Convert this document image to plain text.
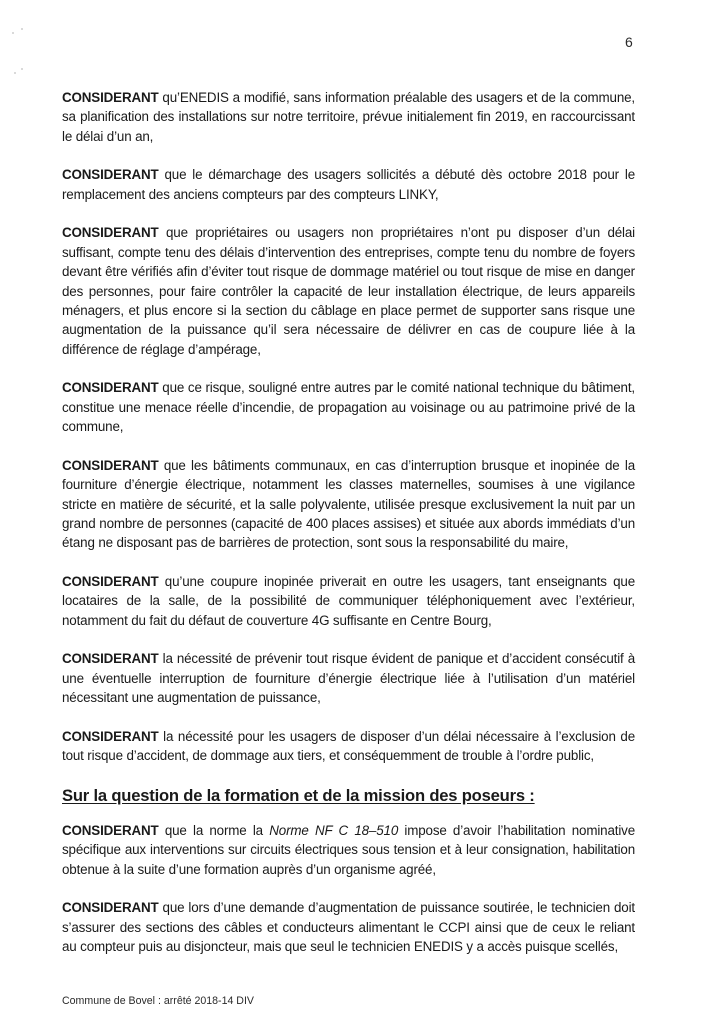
6

CONSIDERANT qu’ENEDIS a modifié, sans information préalable des usagers et de la commune, sa planification des installations sur notre territoire, prévue initialement fin 2019, en raccourcissant le délai d’un an,

CONSIDERANT que le démarchage des usagers sollicités a débuté dès octobre 2018 pour le remplacement des anciens compteurs par des compteurs LINKY,

CONSIDERANT que propriétaires ou usagers non propriétaires n’ont pu disposer d’un délai suffisant, compte tenu des délais d’intervention des entreprises, compte tenu du nombre de foyers devant être vérifiés afin d’éviter tout risque de dommage matériel ou tout risque de mise en danger des personnes, pour faire contrôler la capacité de leur installation électrique, de leurs appareils ménagers, et plus encore si la section du câblage en place permet de supporter sans risque une augmentation de la puissance qu’il sera nécessaire de délivrer en cas de coupure liée à la différence de réglage d’ampérage,

CONSIDERANT que ce risque, souligné entre autres par le comité national technique du bâtiment, constitue une menace réelle d’incendie, de propagation au voisinage ou au patrimoine privé de la commune,

CONSIDERANT que les bâtiments communaux, en cas d’interruption brusque et inopinée de la fourniture d’énergie électrique, notamment les classes maternelles, soumises à une vigilance stricte en matière de sécurité, et la salle polyvalente, utilisée presque exclusivement la nuit par un grand nombre de personnes (capacité de 400 places assises) et située aux abords immédiats d’un étang ne disposant pas de barrières de protection, sont sous la responsabilité du maire,

CONSIDERANT qu’une coupure inopinée priverait en outre les usagers, tant enseignants que locataires de la salle, de la possibilité de communiquer téléphoniquement avec l’extérieur, notamment du fait du défaut de couverture 4G suffisante en Centre Bourg,

CONSIDERANT la nécessité de prévenir tout risque évident de panique et d’accident consécutif à une éventuelle interruption de fourniture d’énergie électrique liée à l’utilisation d’un matériel nécessitant une augmentation de puissance,

CONSIDERANT la nécessité pour les usagers de disposer d’un délai nécessaire à l’exclusion de tout risque d’accident, de dommage aux tiers, et conséquemment de trouble à l’ordre public,

Sur la question de la formation et de la mission des poseurs :

CONSIDERANT que la norme la Norme NF C 18–510 impose d’avoir l’habilitation nominative spécifique aux interventions sur circuits électriques sous tension et à leur consignation, habilitation obtenue à la suite d’une formation auprès d’un organisme agréé,

CONSIDERANT que lors d’une demande d’augmentation de puissance soutirée, le technicien doit s’assurer des sections des câbles et conducteurs alimentant le CCPI ainsi que de ceux le reliant au compteur puis au disjoncteur, mais que seul le technicien ENEDIS y a accès puisque scellés,

Commune de Bovel : arrêté 2018-14 DIV
